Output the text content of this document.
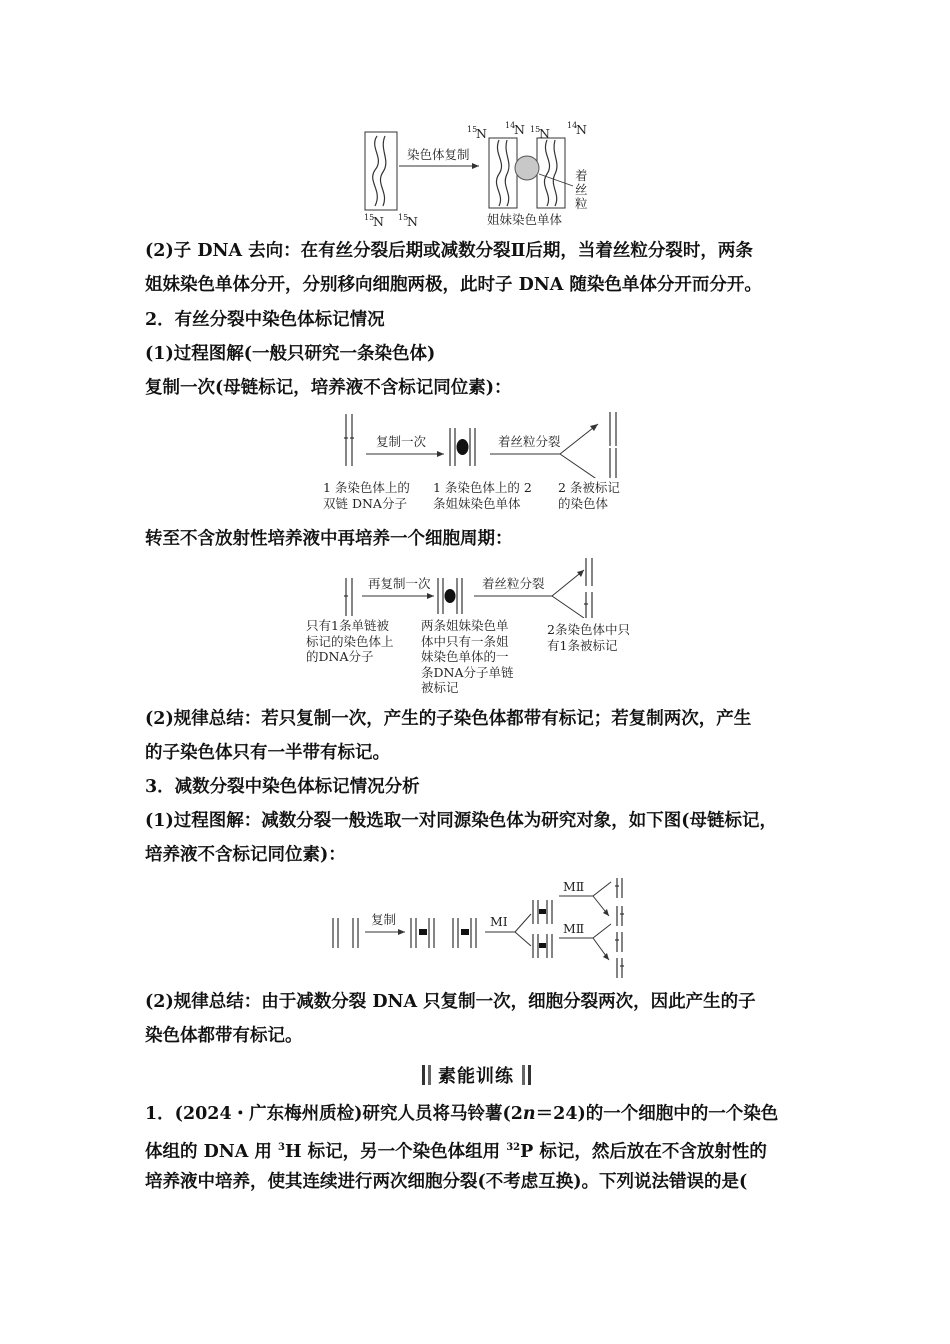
染色体复制
15
N 15
N
15
N
14
N 15
N
14
N
着
丝
粒
姐妹染色单体
(2)子 DNA 去向：在有丝分裂后期或减数分裂Ⅱ后期，当着丝粒分裂时，两条
姐妹染色单体分开，分别移向细胞两极，此时子 DNA 随染色单体分开而分开。
2．有丝分裂中染色体标记情况
(1)过程图解(一般只研究一条染色体)
复制一次(母链标记，培养液不含标记同位素)：
复制一次	着丝粒分裂
1 条染色体上的
双链 DNA分子
1 条染色体上的 2
条姐妹染色单体
2 条被标记
的染色体
转至不含放射性培养液中再培养一个细胞周期：
再复制一次	着丝粒分裂
只有1条单链被
标记的染色体上
的DNA分子
两条姐妹染色单
体中只有一条姐
妹染色单体的一
条DNA分子单链
被标记
2条染色体中只
有1条被标记
(2)规律总结：若只复制一次，产生的子染色体都带有标记；若复制两次，产生
的子染色体只有一半带有标记。
3．减数分裂中染色体标记情况分析
(1)过程图解：减数分裂一般选取一对同源染色体为研究对象，如下图(母链标记，
培养液不含标记同位素)：
复制	MⅠ
MⅡ
MⅡ
(2)规律总结：由于减数分裂 DNA 只复制一次，细胞分裂两次，因此产生的子
染色体都带有标记。
素能训练
1．(2024・广东梅州质检)研究人员将马铃薯(2n＝24)的一个细胞中的一个染色
体组的 DNA 用 $^3$H 标记，另一个染色体组用 $^{32}$P 标记，然后放在不含放射性的
培养液中培养，使其连续进行两次细胞分裂(不考虑互换)。下列说法错误的是(
